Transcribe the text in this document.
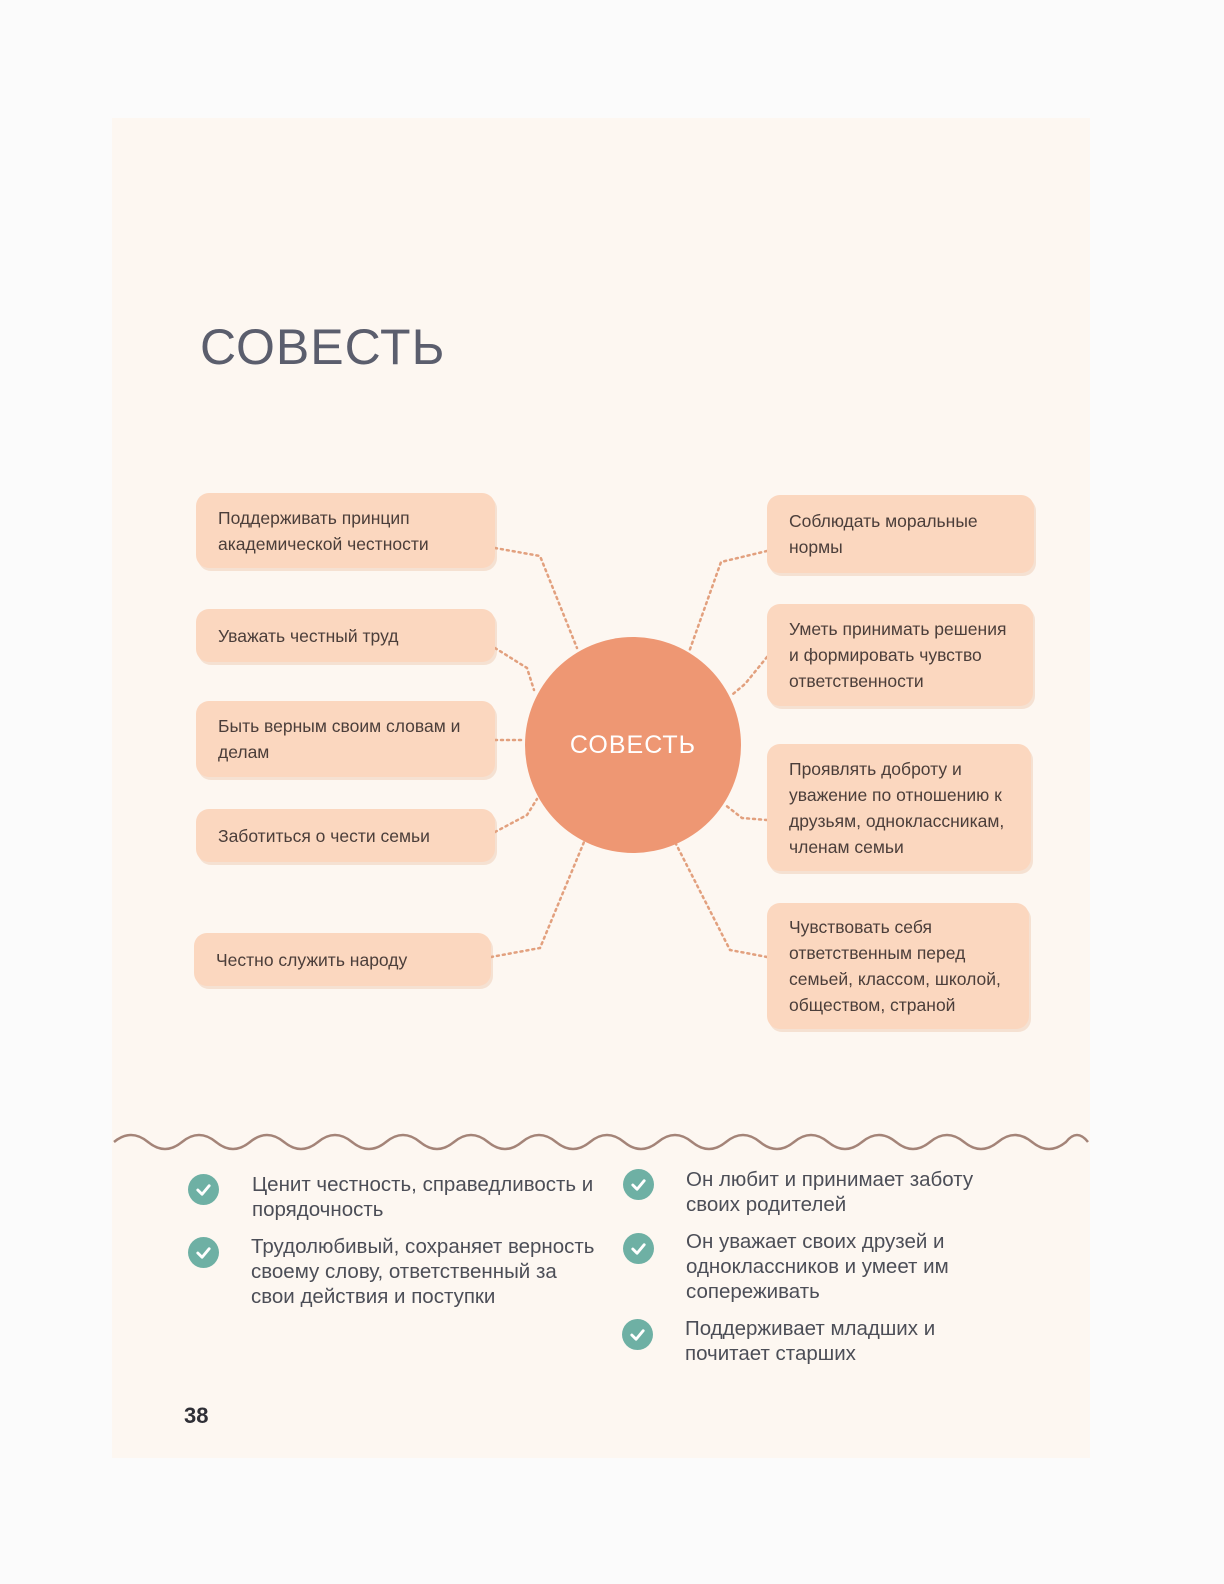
СОВЕСТЬ
Поддерживать принцип академической честности
Уважать честный труд
Быть верным своим словам и делам
Заботиться о чести семьи
Честно служить народу
Соблюдать моральные нормы
Уметь принимать решения и формировать чувство ответственности
Проявлять доброту и уважение по отношению к друзьям, одноклассникам, членам семьи
Чувствовать себя ответственным перед семьей, классом, школой, обществом, страной
СОВЕСТЬ
Ценит честность, справедливость и порядочность
Трудолюбивый, сохраняет верность своему слову, ответственный за свои действия и поступки
Он любит и принимает заботу своих родителей
Он уважает своих друзей и одноклассников и умеет им сопереживать
Поддерживает младших и почитает старших
38
